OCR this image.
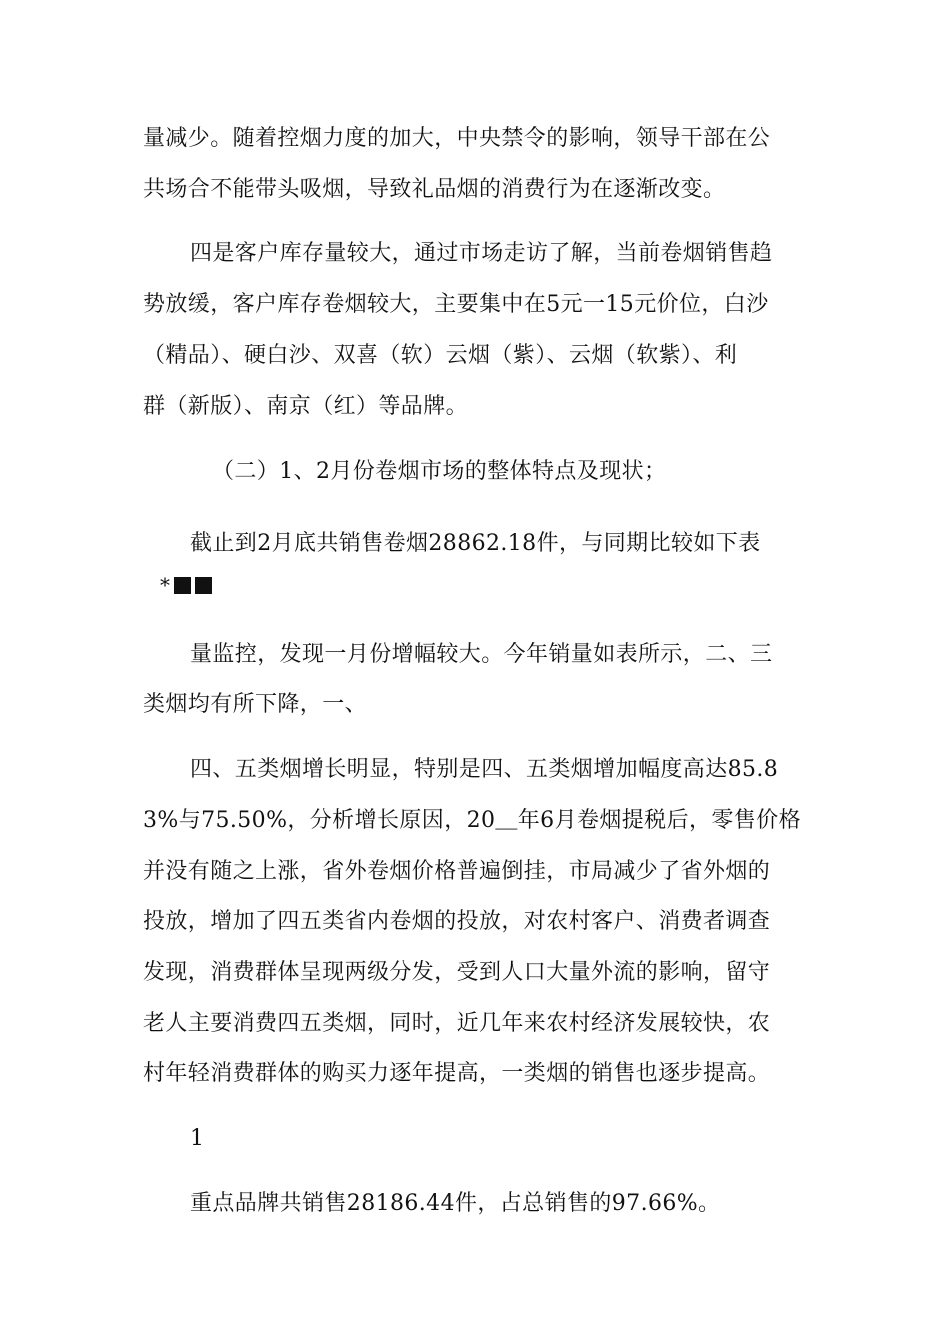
量减少。随着控烟力度的加大，中央禁令的影响，领导干部在公
共场合不能带头吸烟，导致礼品烟的消费行为在逐渐改变。
四是客户库存量较大，通过市场走访了解，当前卷烟销售趋
势放缓，客户库存卷烟较大，主要集中在5元一15元价位，白沙
（精品）、硬白沙、双喜（软）云烟（紫）、云烟（软紫）、利
群（新版）、南京（红）等品牌。
（二）1、2月份卷烟市场的整体特点及现状；
截止到2月底共销售卷烟28862.18件，与同期比较如下表
*
量监控，发现一月份增幅较大。今年销量如表所示，二、三
类烟均有所下降，一、
四、五类烟增长明显，特别是四、五类烟增加幅度高达85.8
3%与75.50%，分析增长原因，20＿年6月卷烟提税后，零售价格
并没有随之上涨，省外卷烟价格普遍倒挂，市局减少了省外烟的
投放，增加了四五类省内卷烟的投放，对农村客户、消费者调查
发现，消费群体呈现两级分发，受到人口大量外流的影响，留守
老人主要消费四五类烟，同时，近几年来农村经济发展较快，农
村年轻消费群体的购买力逐年提高，一类烟的销售也逐步提高。
1
重点品牌共销售28186.44件，占总销售的97.66%。
